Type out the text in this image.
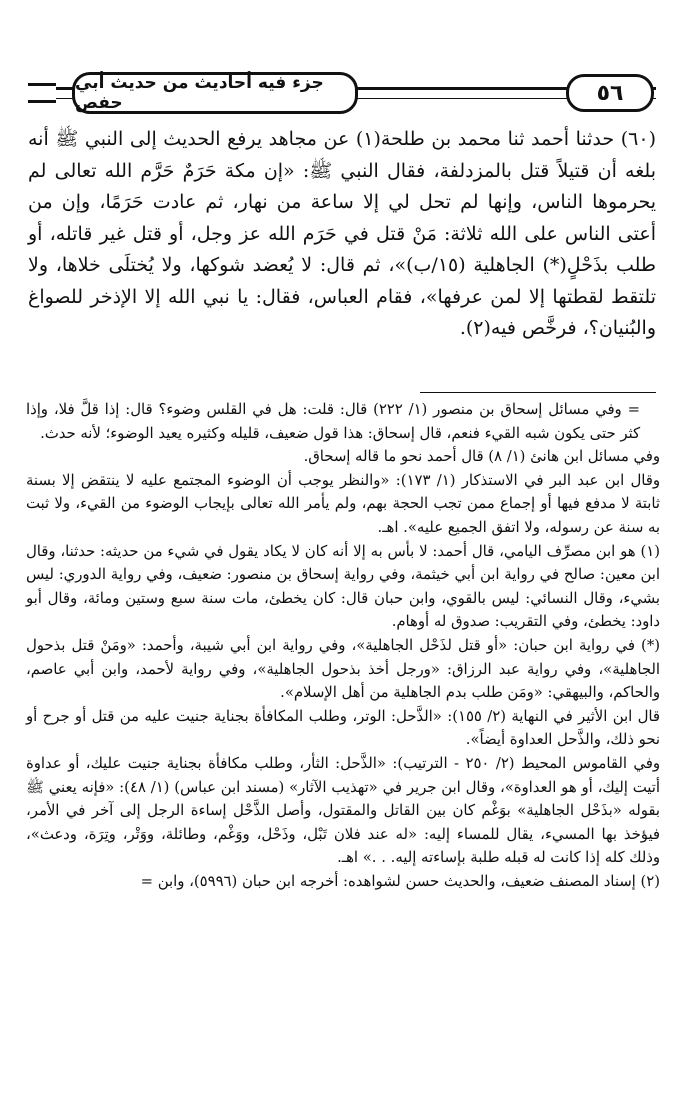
جزء فيه أحاديث من حديث أبي حفص	٥٦
(٦٠) حدثنا أحمد ثنا محمد بن طلحة(١) عن مجاهد يرفع الحديث إلى النبي ﷺ أنه بلغه أن قتيلاً قتل بالمزدلفة، فقال النبي ﷺ: «إن مكة حَرَمٌ حَرَّم الله تعالى لم يحرموها الناس، وإنها لم تحل لي إلا ساعة من نهار، ثم عادت حَرَمًا، وإن من أعتى الناس على الله ثلاثة: مَنْ قتل في حَرَم الله عز وجل، أو قتل غير قاتله، أو طلب بذَحْلٍ(*) الجاهلية (١٥/ب)»، ثم قال: لا يُعضد شوكها، ولا يُختلَى خلاها، ولا تلتقط لقطتها إلا لمن عرفها»، فقام العباس، فقال: يا نبي الله إلا الإذخر للصواغ والبُنيان؟، فرخَّص فيه(٢).

= وفي مسائل إسحاق بن منصور (١/ ٢٢٢) قال: قلت: هل في القلس وضوء؟ قال: إذا قلَّ فلا، وإذا كثر حتى يكون شبه القيء فنعم، قال إسحاق: هذا قول ضعيف، قليله وكثيره يعيد الوضوء؛ لأنه حدث.

وفي مسائل ابن هانئ (١/ ٨) قال أحمد نحو ما قاله إسحاق.

وقال ابن عبد البر في الاستذكار (١/ ١٧٣): «والنظر يوجب أن الوضوء المجتمع عليه لا ينتقض إلا بسنة ثابتة لا مدفع فيها أو إجماع ممن تجب الحجة بهم، ولم يأمر الله تعالى بإيجاب الوضوء من القيء، ولا ثبت به سنة عن رسوله، ولا اتفق الجميع عليه». اهـ.

(١) هو ابن مصرِّف اليامي، قال أحمد: لا بأس به إلا أنه كان لا يكاد يقول في شيء من حديثه: حدثنا، وقال ابن معين: صالح في رواية ابن أبي خيثمة، وفي رواية إسحاق بن منصور: ضعيف، وفي رواية الدوري: ليس بشيء، وقال النسائي: ليس بالقوي، وابن حبان قال: كان يخطئ، مات سنة سبع وستين ومائة، وقال أبو داود: يخطئ، وفي التقريب: صدوق له أوهام.

(*) في رواية ابن حبان: «أو قتل لذَحْل الجاهلية»، وفي رواية ابن أبي شيبة، وأحمد: «ومَنْ قتل بذحول الجاهلية»، وفي رواية عبد الرزاق: «ورجل أخذ بذحول الجاهلية»، وفي رواية لأحمد، وابن أبي عاصم، والحاكم، والبيهقي: «ومَن طلب بدم الجاهلية من أهل الإسلام».

قال ابن الأثير في النهاية (٢/ ١٥٥): «الذَّحل: الوتر، وطلب المكافأة بجناية جنيت عليه من قتل أو جرح أو نحو ذلك، والذَّحل العداوة أيضاً».

وفي القاموس المحيط (٢/ ٢٥٠ - الترتيب): «الذَّحل: الثأر، وطلب مكافأة بجناية جنيت عليك، أو عداوة أتيت إليك، أو هو العداوة»، وقال ابن جرير في «تهذيب الآثار» (مسند ابن عباس) (١/ ٤٨): «فإنه يعني ﷺ بقوله «بذَحْل الجاهلية» بوَغْم كان بين القاتل والمقتول، وأصل الذَّحْل إساءة الرجل إلى آخر في الأمر، فيؤخذ بها المسيء، يقال للمساء إليه: «له عند فلان تَبْل، وذَحْل، ووَغْم، وطائلة، ووَتْر، وتِرَة، ودعث»، وذلك كله إذا كانت له قبله طلبة بإساءته إليه. . .» اهـ.

(٢) إسناد المصنف ضعيف، والحديث حسن لشواهده: أخرجه ابن حبان (٥٩٩٦)، وابن =
